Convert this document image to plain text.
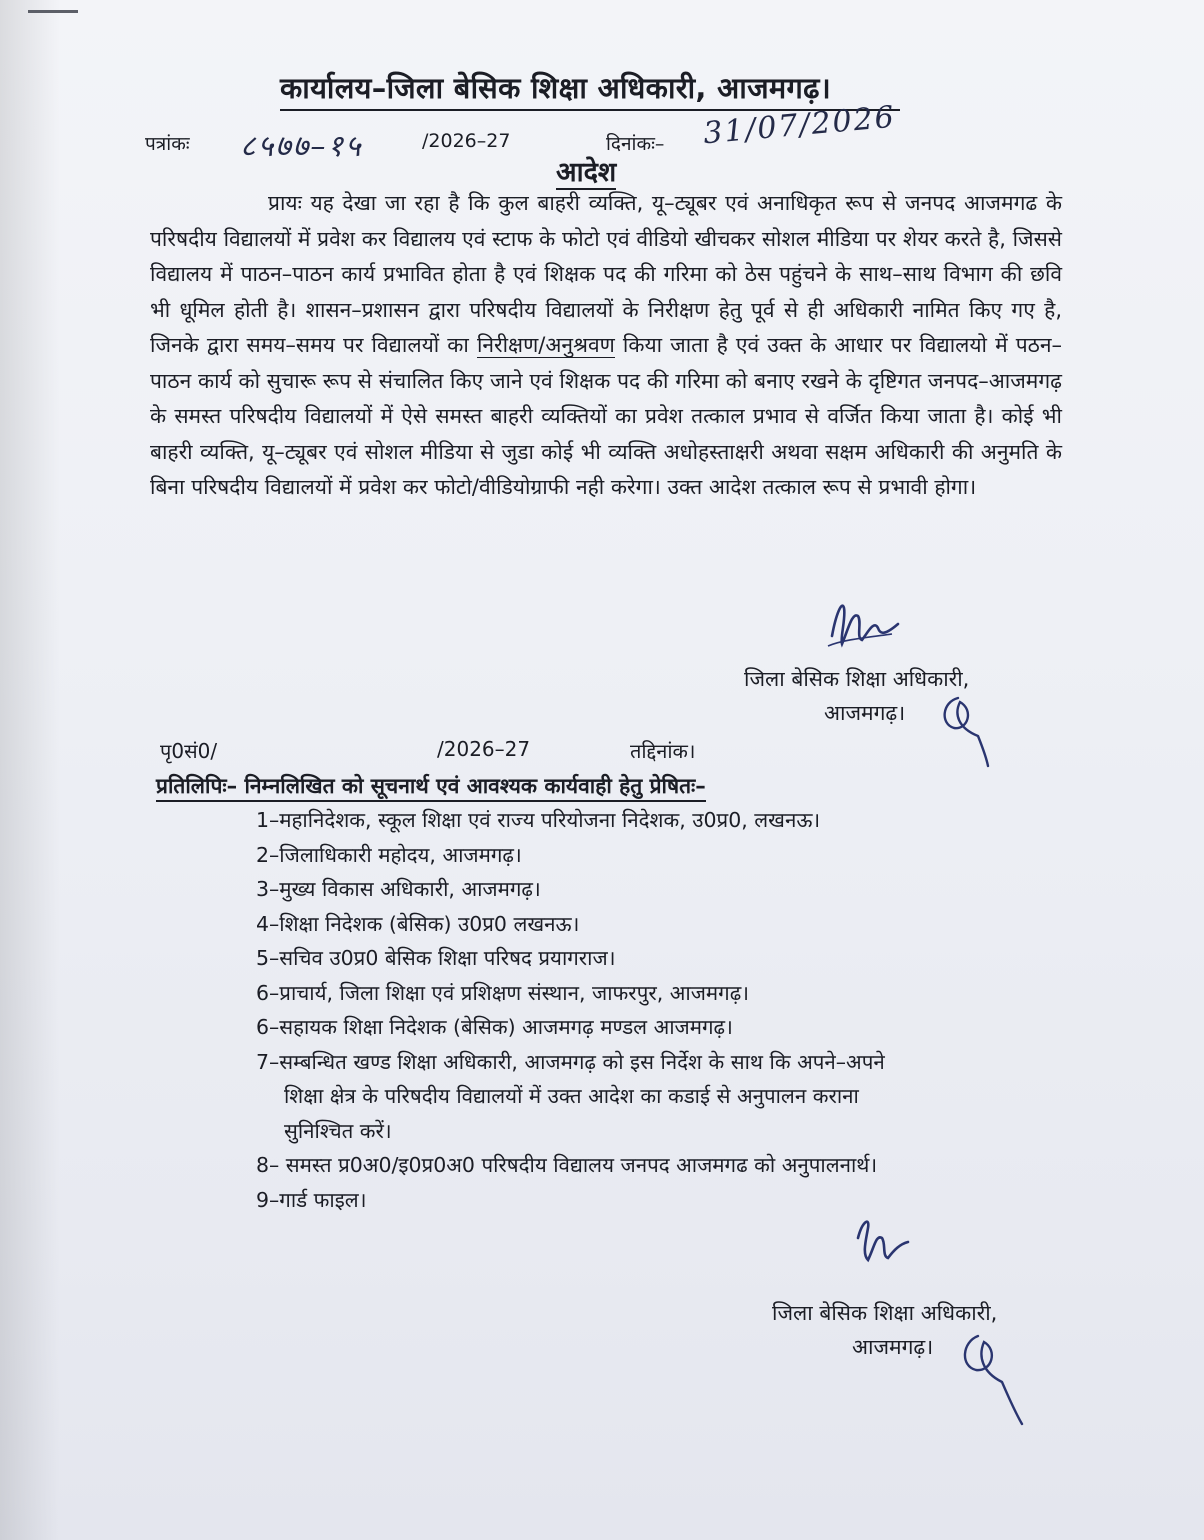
कार्यालय–जिला बेसिक शिक्षा अधिकारी, आजमगढ़।
पत्रांकः ८५७७–१५	/2026–27	दिनांकः– 31/07/2026
आदेश
प्रायः यह देखा जा रहा है कि कुल बाहरी व्यक्ति, यू–ट्यूबर एवं अनाधिकृत रूप से जनपद आजमगढ के परिषदीय विद्यालयों में प्रवेश कर विद्यालय एवं स्टाफ के फोटो एवं वीडियो खीचकर सोशल मीडिया पर शेयर करते है, जिससे विद्यालय में पाठन–पाठन कार्य प्रभावित होता है एवं शिक्षक पद की गरिमा को ठेस पहुंचने के साथ–साथ विभाग की छवि भी धूमिल होती है। शासन–प्रशासन द्वारा परिषदीय विद्यालयों के निरीक्षण हेतु पूर्व से ही अधिकारी नामित किए गए है, जिनके द्वारा समय–समय पर विद्यालयों का निरीक्षण/अनुश्रवण किया जाता है एवं उक्त के आधार पर विद्यालयो में पठन–पाठन कार्य को सुचारू रूप से संचालित किए जाने एवं शिक्षक पद की गरिमा को बनाए रखने के दृष्टिगत जनपद–आजमगढ़ के समस्त परिषदीय विद्यालयों में ऐसे समस्त बाहरी व्यक्तियों का प्रवेश तत्काल प्रभाव से वर्जित किया जाता है। कोई भी बाहरी व्यक्ति, यू–ट्यूबर एवं सोशल मीडिया से जुडा कोई भी व्यक्ति अधोहस्ताक्षरी अथवा सक्षम अधिकारी की अनुमति के बिना परिषदीय विद्यालयों में प्रवेश कर फोटो/वीडियोग्राफी नही करेगा। उक्त आदेश तत्काल रूप से प्रभावी होगा।
जिला बेसिक शिक्षा अधिकारी,
आजमगढ़।
पृ0सं0/	/2026–27	तद्दिनांक।
प्रतिलिपिः– निम्नलिखित को सूचनार्थ एवं आवश्यक कार्यवाही हेतु प्रेषितः–
1–महानिदेशक, स्कूल शिक्षा एवं राज्य परियोजना निदेशक, उ0प्र0, लखनऊ।
2–जिलाधिकारी महोदय, आजमगढ़।
3–मुख्य विकास अधिकारी, आजमगढ़।
4–शिक्षा निदेशक (बेसिक) उ0प्र0 लखनऊ।
5–सचिव उ0प्र0 बेसिक शिक्षा परिषद प्रयागराज।
6–प्राचार्य, जिला शिक्षा एवं प्रशिक्षण संस्थान, जाफरपुर, आजमगढ़।
6–सहायक शिक्षा निदेशक (बेसिक) आजमगढ़ मण्डल आजमगढ़।
7–सम्बन्धित खण्ड शिक्षा अधिकारी, आजमगढ़ को इस निर्देश के साथ कि अपने–अपने
शिक्षा क्षेत्र के परिषदीय विद्यालयों में उक्त आदेश का कडाई से अनुपालन कराना
सुनिश्चित करें।
8– समस्त प्र0अ0/इ0प्र0अ0 परिषदीय विद्यालय जनपद आजमगढ को अनुपालनार्थ।
9–गार्ड फाइल।
जिला बेसिक शिक्षा अधिकारी,
आजमगढ़।
